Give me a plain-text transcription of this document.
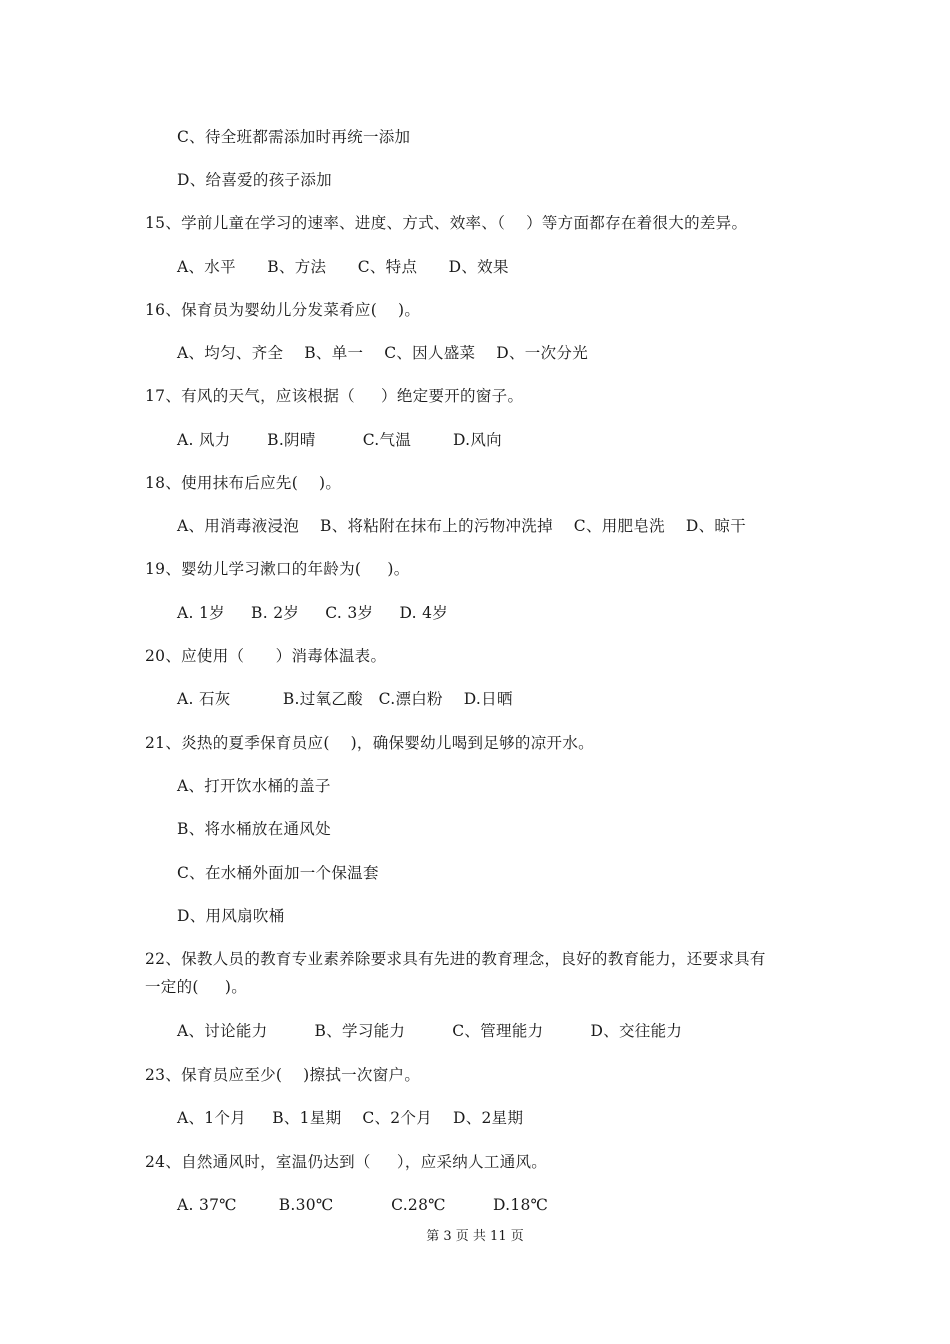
C、待全班都需添加时再统一添加
D、给喜爱的孩子添加
15、学前儿童在学习的速率、进度、方式、效率、（    ）等方面都存在着很大的差异。
A、水平      B、方法      C、特点      D、效果
16、保育员为婴幼儿分发菜肴应(    )。
A、均匀、齐全    B、单一    C、因人盛菜    D、一次分光
17、有风的天气，应该根据（     ）绝定要开的窗子。
A. 风力       B.阴晴         C.气温        D.风向
18、使用抹布后应先(    )。
A、用消毒液浸泡    B、将粘附在抹布上的污物冲洗掉    C、用肥皂洗    D、晾干
19、婴幼儿学习漱口的年龄为(     )。
A. 1岁     B. 2岁     C. 3岁     D. 4岁
20、应使用（      ）消毒体温表。
A. 石灰          B.过氧乙酸   C.漂白粉    D.日晒
21、炎热的夏季保育员应(    )，确保婴幼儿喝到足够的凉开水。
A、打开饮水桶的盖子
B、将水桶放在通风处
C、在水桶外面加一个保温套
D、用风扇吹桶
22、保教人员的教育专业素养除要求具有先进的教育理念，良好的教育能力，还要求具有
一定的(     )。
A、讨论能力         B、学习能力         C、管理能力         D、交往能力
23、保育员应至少(    )擦拭一次窗户。
A、1个月     B、1星期    C、2个月    D、2星期
24、自然通风时，室温仍达到（     ），应采纳人工通风。
A. 37℃        B.30℃           C.28℃         D.18℃
第 3 页 共 11 页
